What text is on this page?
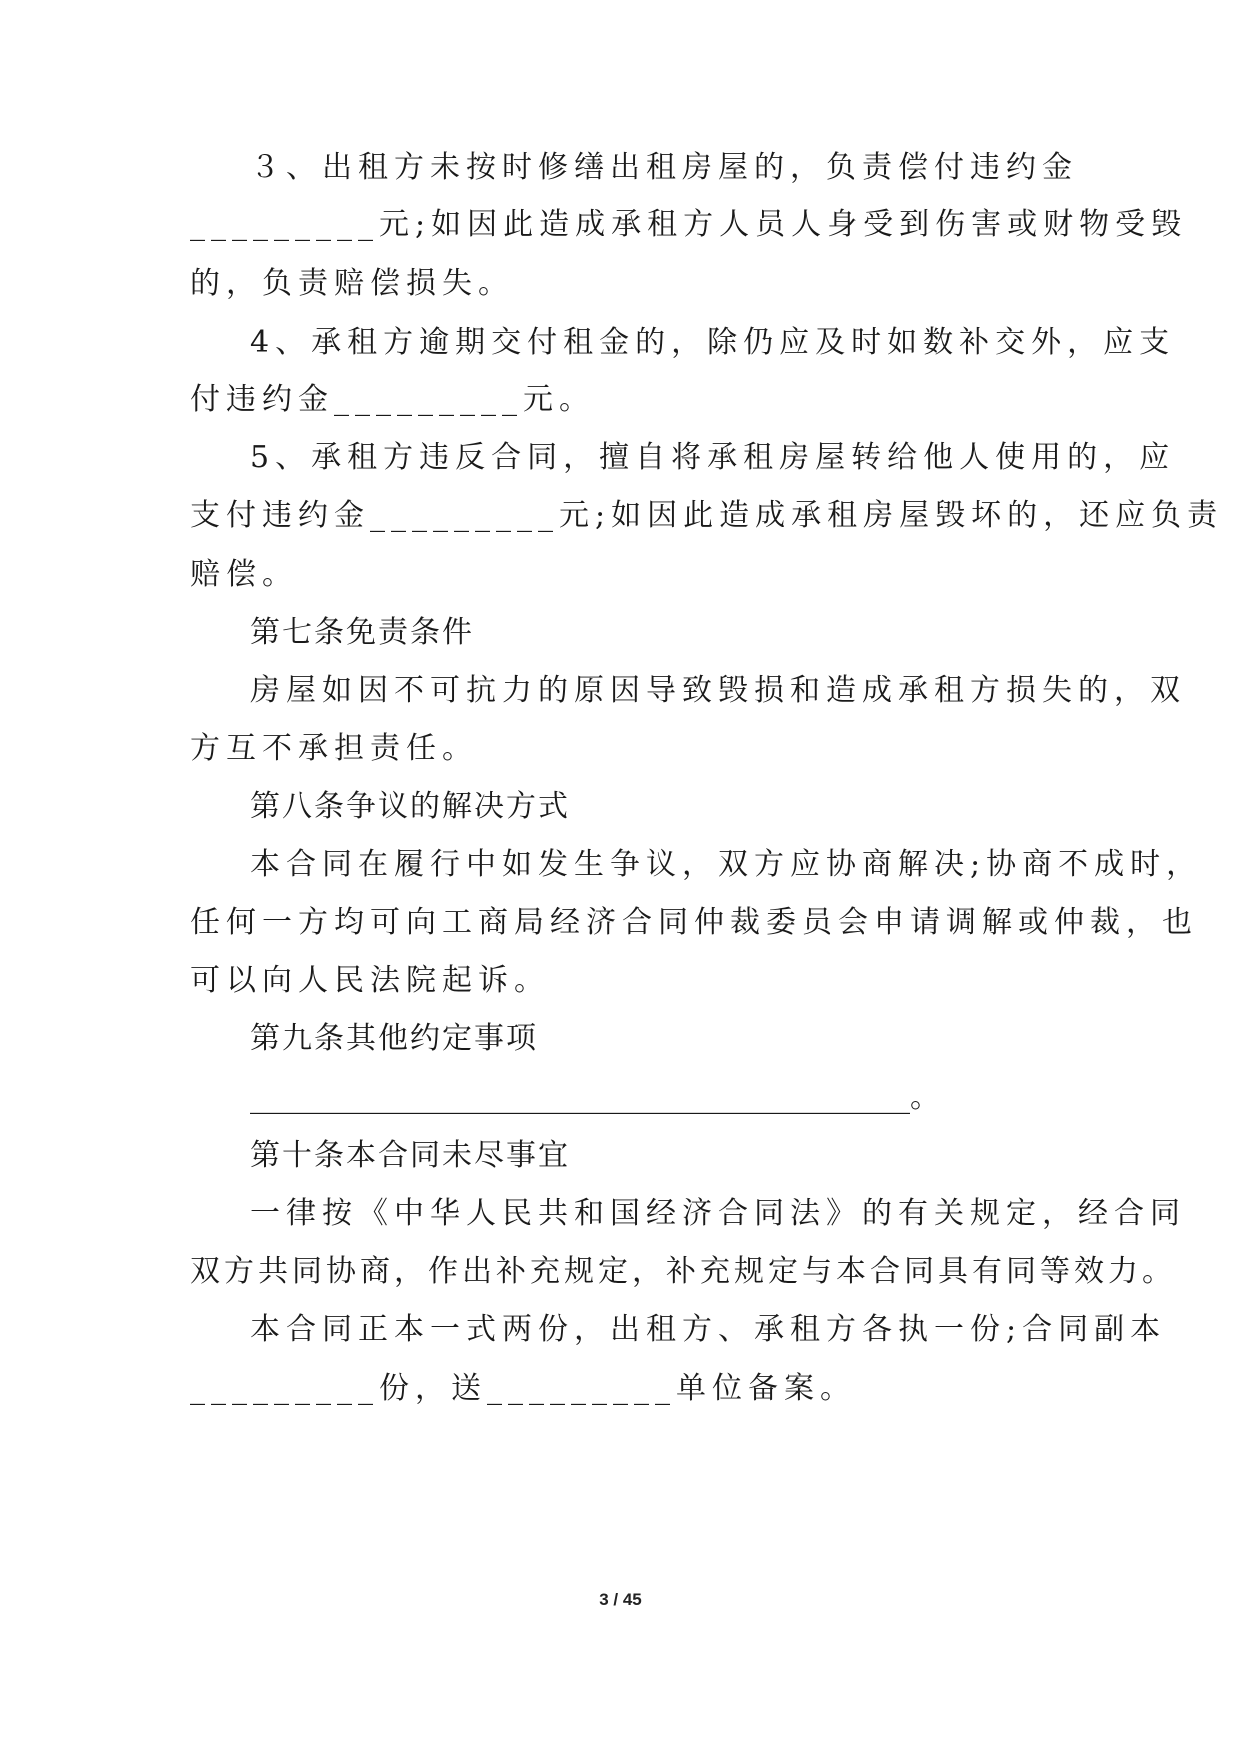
３、出租方未按时修缮出租房屋的，负责偿付违约金
_________元;如因此造成承租方人员人身受到伤害或财物受毁
的，负责赔偿损失。
4、承租方逾期交付租金的，除仍应及时如数补交外，应支
付违约金_________元。
5、承租方违反合同，擅自将承租房屋转给他人使用的，应
支付违约金_________元;如因此造成承租房屋毁坏的，还应负责
赔偿。
第七条免责条件
房屋如因不可抗力的原因导致毁损和造成承租方损失的，双
方互不承担责任。
第八条争议的解决方式
本合同在履行中如发生争议，双方应协商解决;协商不成时，
任何一方均可向工商局经济合同仲裁委员会申请调解或仲裁，也
可以向人民法院起诉。
第九条其他约定事项
____________________________________________。
第十条本合同未尽事宜
一律按《中华人民共和国经济合同法》的有关规定，经合同
双方共同协商，作出补充规定，补充规定与本合同具有同等效力。
本合同正本一式两份，出租方、承租方各执一份;合同副本
_________份，送_________单位备案。
3 / 45
